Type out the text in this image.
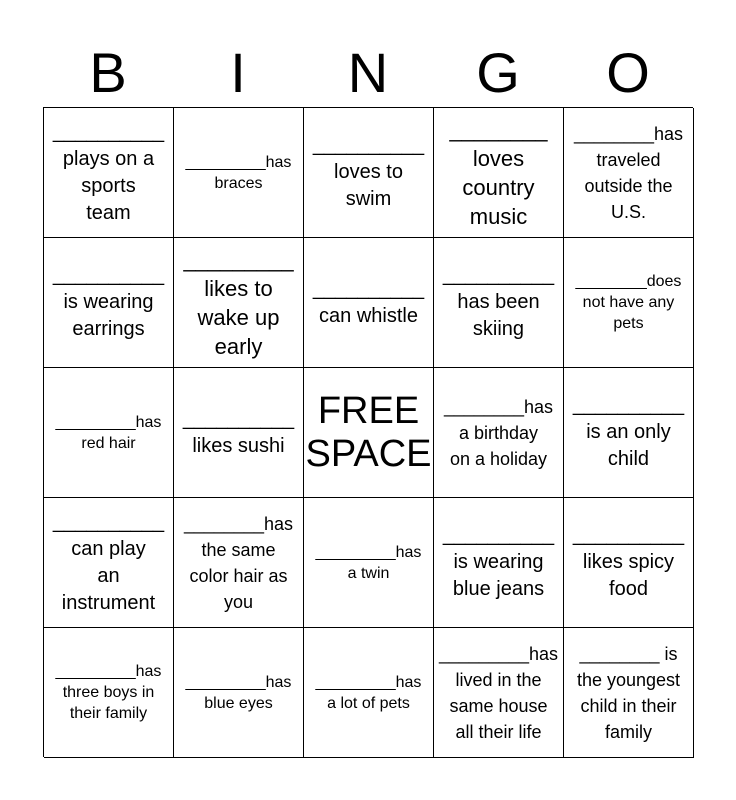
B	I	N	G	O
__________
plays on a
sports
team
_________has
braces
__________
loves to
swim
________
loves
country
music
________has
traveled
outside the
U.S.
__________
is wearing
earrings
_________
likes to
wake up
early
__________
can whistle
__________
has been
skiing
________does
not have any
pets
_________has
red hair
__________
likes sushi
FREE
SPACE
________has
a birthday
on a holiday
__________
is an only
child
__________
can play
an
instrument
________has
the same
color hair as
you
_________has
a twin
__________
is wearing
blue jeans
__________
likes spicy
food
_________has
three boys in
their family
_________has
blue eyes
_________has
a lot of pets
_________has
lived in the
same house
all their life
________ is
the youngest
child in their
family
